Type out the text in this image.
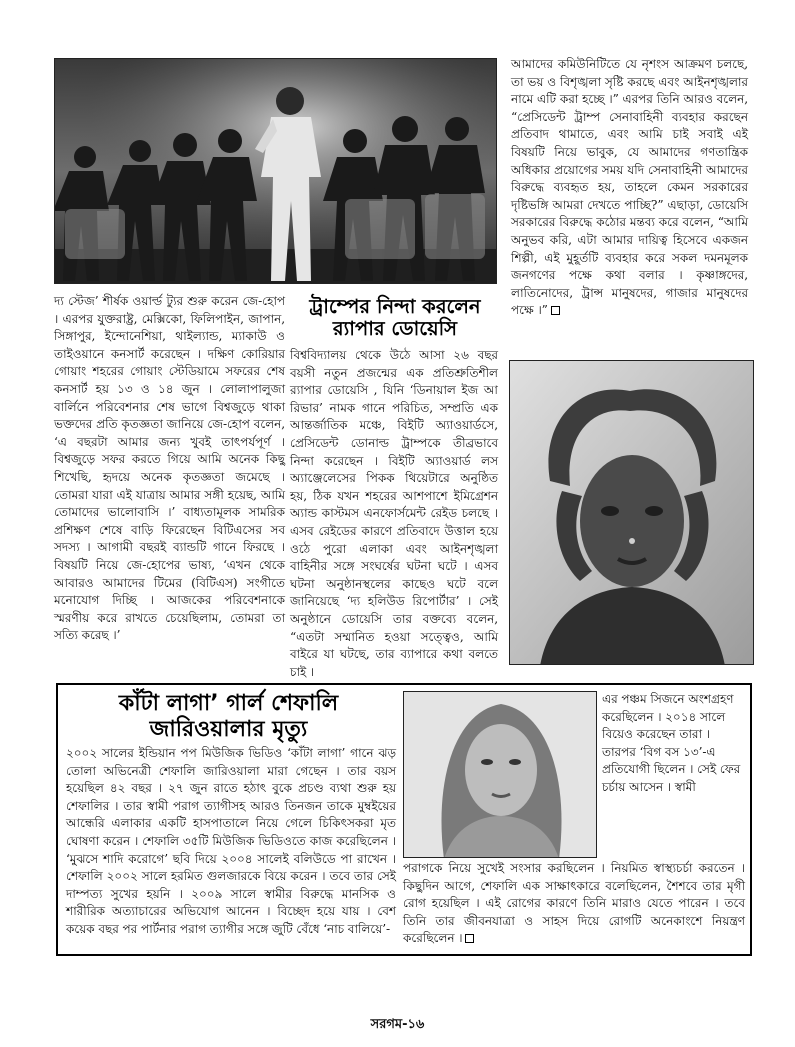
আমাদের কমিউনিটিতে যে নৃশংস আক্রমণ চলছে, তা ভয় ও বিশৃঙ্খলা সৃষ্টি করছে এবং আইনশৃঙ্খলার নামে এটি করা হচ্ছে ।” এরপর তিনি আরও বলেন, “প্রেসিডেন্ট ট্রাম্প সেনাবাহিনী ব্যবহার করছেন প্রতিবাদ থামাতে, এবং আমি চাই সবাই এই বিষয়টি নিয়ে ভাবুক, যে আমাদের গণতান্ত্রিক অধিকার প্রয়োগের সময় যদি সেনাবাহিনী আমাদের বিরুদ্ধে ব্যবহৃত হয়, তাহলে কেমন সরকারের দৃষ্টিভঙ্গি আমরা দেখতে পাচ্ছি?” এছাড়া, ডোয়েসি সরকারের বিরুদ্ধে কঠোর মন্তব্য করে বলেন, “আমি অনুভব করি, এটা আমার দায়িত্ব হিসেবে একজন শিল্পী, এই মুহূর্তটি ব্যবহার করে সকল দমনমূলক জনগণের পক্ষে কথা বলার । কৃষ্ণাঙ্গদের, লাতিনোদের, ট্রান্স মানুষদের, গাজার মানুষদের পক্ষে ।”
দ্য স্টেজ’ শীর্ষক ওয়ার্ল্ড ট্যুর শুরু করেন জে-হোপ । এরপর যুক্তরাষ্ট্র, মেক্সিকো, ফিলিপাইন, জাপান, সিঙ্গাপুর, ইন্দোনেশিয়া, থাইল্যান্ড, ম্যাকাউ ও তাইওয়ানে কনসার্ট করেছেন । দক্ষিণ কোরিয়ার গোয়াং শহরের গোয়াং স্টেডিয়ামে সফরের শেষ কনসার্ট হয় ১৩ ও ১৪ জুন । লোলাপালুজা বার্লিনে পরিবেশনার শেষ ভাগে বিশ্বজুড়ে থাকা ভক্তদের প্রতি কৃতজ্ঞতা জানিয়ে জে-হোপ বলেন, ‘এ বছরটা আমার জন্য খুবই তাৎপর্যপূর্ণ । বিশ্বজুড়ে সফর করতে গিয়ে আমি অনেক কিছু শিখেছি, হৃদয়ে অনেক কৃতজ্ঞতা জমেছে । তোমরা যারা এই যাত্রায় আমার সঙ্গী হয়েছ, আমি তোমাদের ভালোবাসি ।’ বাধ্যতামূলক সামরিক প্রশিক্ষণ শেষে বাড়ি ফিরেছেন বিটিএসের সব সদস্য । আগামী বছরই ব্যান্ডটি গানে ফিরছে । বিষয়টি নিয়ে জে-হোপের ভাষ্য, ‘এখন থেকে আবারও আমাদের টিমের (বিটিএস) সংগীতে মনোযোগ দিচ্ছি । আজকের পরিবেশনাকে স্মরণীয় করে রাখতে চেয়েছিলাম, তোমরা তা সত্যি করেছ ।’
ট্রাম্পের নিন্দা করলেন
র‍্যাপার ডোয়েসি
বিশ্ববিদ্যালয় থেকে উঠে আসা ২৬ বছর বয়সী নতুন প্রজন্মের এক প্রতিশ্রুতিশীল র‍্যাপার ডোয়েসি , যিনি ‘ডিনায়াল ইজ আ রিভার’ নামক গানে পরিচিত, সম্প্রতি এক আন্তর্জাতিক মঞ্চে, বিইটি অ্যাওয়ার্ডসে, প্রেসিডেন্ট ডোনাল্ড ট্রাম্পকে তীব্রভাবে নিন্দা করেছেন । বিইটি অ্যাওয়ার্ড লস অ্যাঞ্জেলেসের পিকক থিয়েটারে অনুষ্ঠিত হয়, ঠিক যখন শহরের আশপাশে ইমিগ্রেশন অ্যান্ড কাস্টমস এনফোর্সমেন্ট রেইড চলছে । এসব রেইডের কারণে প্রতিবাদে উত্তাল হয়ে ওঠে পুরো এলাকা এবং আইনশৃঙ্খলা বাহিনীর সঙ্গে সংঘর্ষের ঘটনা ঘটে । এসব ঘটনা অনুষ্ঠানস্থলের কাছেও ঘটে বলে জানিয়েছে ‘দ্য হলিউড রিপোর্টার’ । সেই অনুষ্ঠানে ডোয়েসি তার বক্তব্যে বলেন, “এতটা সম্মানিত হওয়া সত্ত্বেও, আমি বাইরে যা ঘটছে, তার ব্যাপারে কথা বলতে চাই ।
কাঁটা লাগা’ গার্ল শেফালি
জারিওয়ালার মৃত্যু
২০০২ সালের ইন্ডিয়ান পপ মিউজিক ভিডিও ‘কাঁটা লাগা’ গানে ঝড় তোলা অভিনেত্রী শেফালি জারিওয়ালা মারা গেছেন । তার বয়স হয়েছিল ৪২ বছর । ২৭ জুন রাতে হঠাৎ বুকে প্রচণ্ড ব্যথা শুরু হয় শেফালির । তার স্বামী পরাগ ত্যাগীসহ আরও তিনজন তাকে মুম্বইয়ের আন্ধেরি এলাকার একটি হাসপাতালে নিয়ে গেলে চিকিৎসকরা মৃত ঘোষণা করেন । শেফালি ৩৫টি মিউজিক ভিডিওতে কাজ করেছিলেন । ‘মুঝসে শাদি করোগে’ ছবি দিয়ে ২০০৪ সালেই বলিউডে পা রাখেন । শেফালি ২০০২ সালে হরমিত গুলজারকে বিয়ে করেন । তবে তার সেই দাম্পত্য সুখের হয়নি । ২০০৯ সালে স্বামীর বিরুদ্ধে মানসিক ও শারীরিক অত্যাচারের অভিযোগ আনেন । বিচ্ছেদ হয়ে যায় । বেশ কয়েক বছর পর পার্টনার পরাগ ত্যাগীর সঙ্গে জুটি বেঁধে ‘নাচ বালিয়ে’-
এর পঞ্চম সিজনে অংশগ্রহণ করেছিলেন । ২০১৪ সালে বিয়েও করেছেন তারা । তারপর ‘বিগ বস ১৩’-এ প্রতিযোগী ছিলেন । সেই ফের চর্চায় আসেন । স্বামী
পরাগকে নিয়ে সুখেই সংসার করছিলেন । নিয়মিত স্বাস্থ্যচর্চা করতেন । কিছুদিন আগে, শেফালি এক সাক্ষাৎকারে বলেছিলেন, শৈশবে তার মৃগী রোগ হয়েছিল । এই রোগের কারণে তিনি মারাও যেতে পারেন । তবে তিনি তার জীবনযাত্রা ও সাহস দিয়ে রোগটি অনেকাংশে নিয়ন্ত্রণ করেছিলেন ।
সরগম-১৬
